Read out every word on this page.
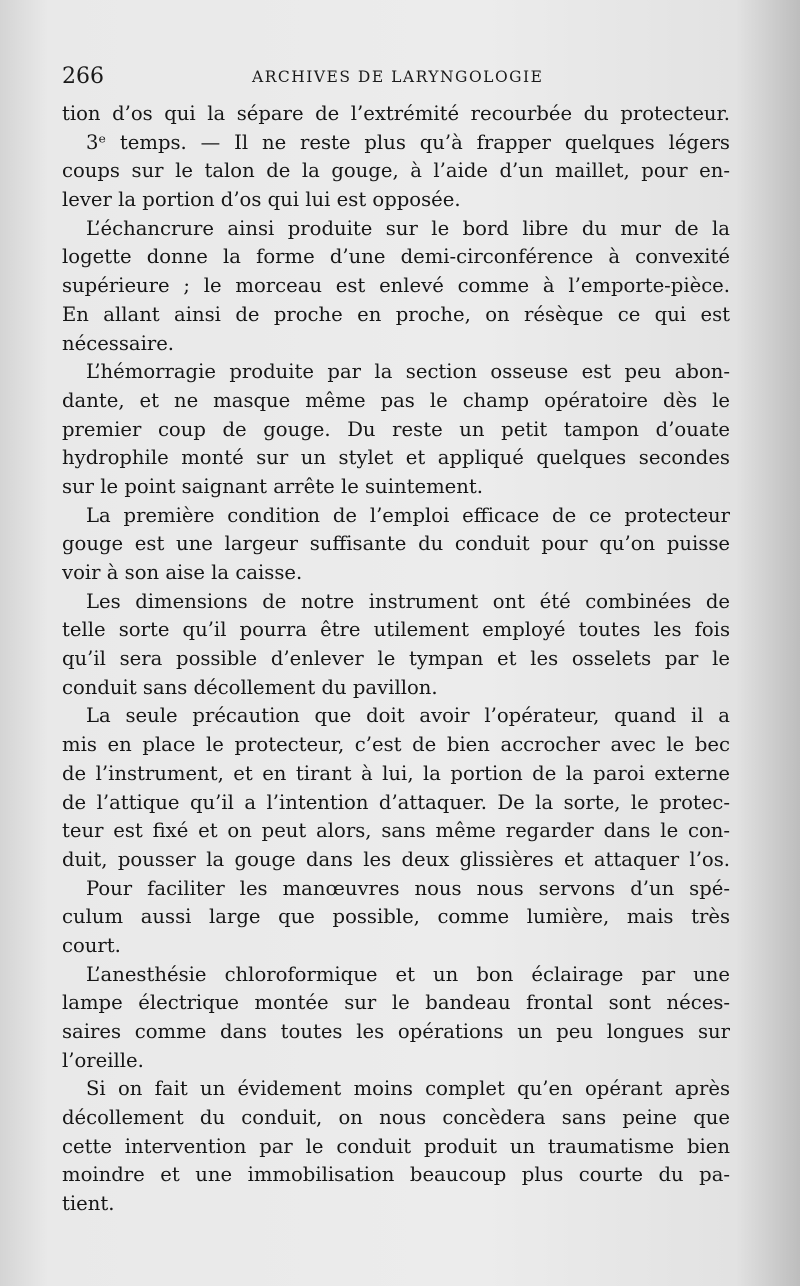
266	ARCHIVES DE LARYNGOLOGIE
tion d’os qui la sépare de l’extrémité recourbée du protecteur.
3ᵉ temps. — Il ne reste plus qu’à frapper quelques légers
coups sur le talon de la gouge, à l’aide d’un maillet, pour en-
lever la portion d’os qui lui est opposée.
L’échancrure ainsi produite sur le bord libre du mur de la
logette donne la forme d’une demi-circonférence à convexité
supérieure ; le morceau est enlevé comme à l’emporte-pièce.
En allant ainsi de proche en proche, on résèque ce qui est
nécessaire.
L’hémorragie produite par la section osseuse est peu abon-
dante, et ne masque même pas le champ opératoire dès le
premier coup de gouge. Du reste un petit tampon d’ouate
hydrophile monté sur un stylet et appliqué quelques secondes
sur le point saignant arrête le suintement.
La première condition de l’emploi efficace de ce protecteur
gouge est une largeur suffisante du conduit pour qu’on puisse
voir à son aise la caisse.
Les dimensions de notre instrument ont été combinées de
telle sorte qu’il pourra être utilement employé toutes les fois
qu’il sera possible d’enlever le tympan et les osselets par le
conduit sans décollement du pavillon.
La seule précaution que doit avoir l’opérateur, quand il a
mis en place le protecteur, c’est de bien accrocher avec le bec
de l’instrument, et en tirant à lui, la portion de la paroi externe
de l’attique qu’il a l’intention d’attaquer. De la sorte, le protec-
teur est fixé et on peut alors, sans même regarder dans le con-
duit, pousser la gouge dans les deux glissières et attaquer l’os.
Pour faciliter les manœuvres nous nous servons d’un spé-
culum aussi large que possible, comme lumière, mais très
court.
L’anesthésie chloroformique et un bon éclairage par une
lampe électrique montée sur le bandeau frontal sont néces-
saires comme dans toutes les opérations un peu longues sur
l’oreille.
Si on fait un évidement moins complet qu’en opérant après
décollement du conduit, on nous concèdera sans peine que
cette intervention par le conduit produit un traumatisme bien
moindre et une immobilisation beaucoup plus courte du pa-
tient.
